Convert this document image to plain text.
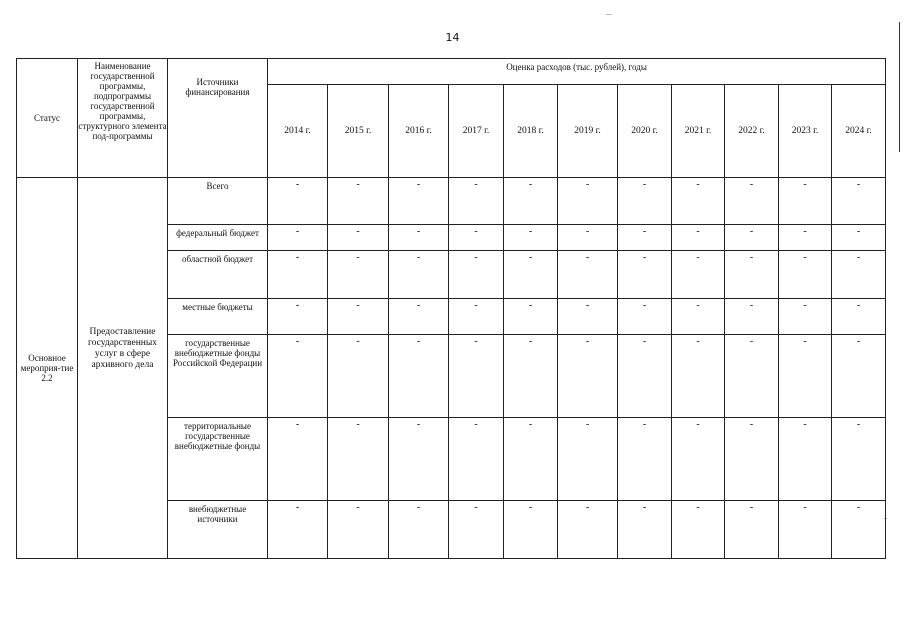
14
Статус	Наименование государственной программы, подпрограммы государственной программы, структурного элемента под-программы	Источники финансирования	Оценка расходов (тыс. рублей), годы										
			2014 г.	2015 г.	2016 г.	2017 г.	2018 г.	2019 г.	2020 г.	2021 г.	2022 г.	2023 г.	2024 г.
Основное мероприя-тие 2.2	Предоставление государственных услуг в сфере архивного дела	Всего	-	-	-	-	-	-	-	-	-	-	-
		федеральный бюджет	-	-	-	-	-	-	-	-	-	-	-
		областной бюджет	-	-	-	-	-	-	-	-	-	-	-
		местные бюджеты	-	-	-	-	-	-	-	-	-	-	-
		государственные внебюджетные фонды Российской Федерации	-	-	-	-	-	-	-	-	-	-	-
		территориальные государственные внебюджетные фонды	-	-	-	-	-	-	-	-	-	-	-
		внебюджетные источники	-	-	-	-	-	-	-	-	-	-	-
